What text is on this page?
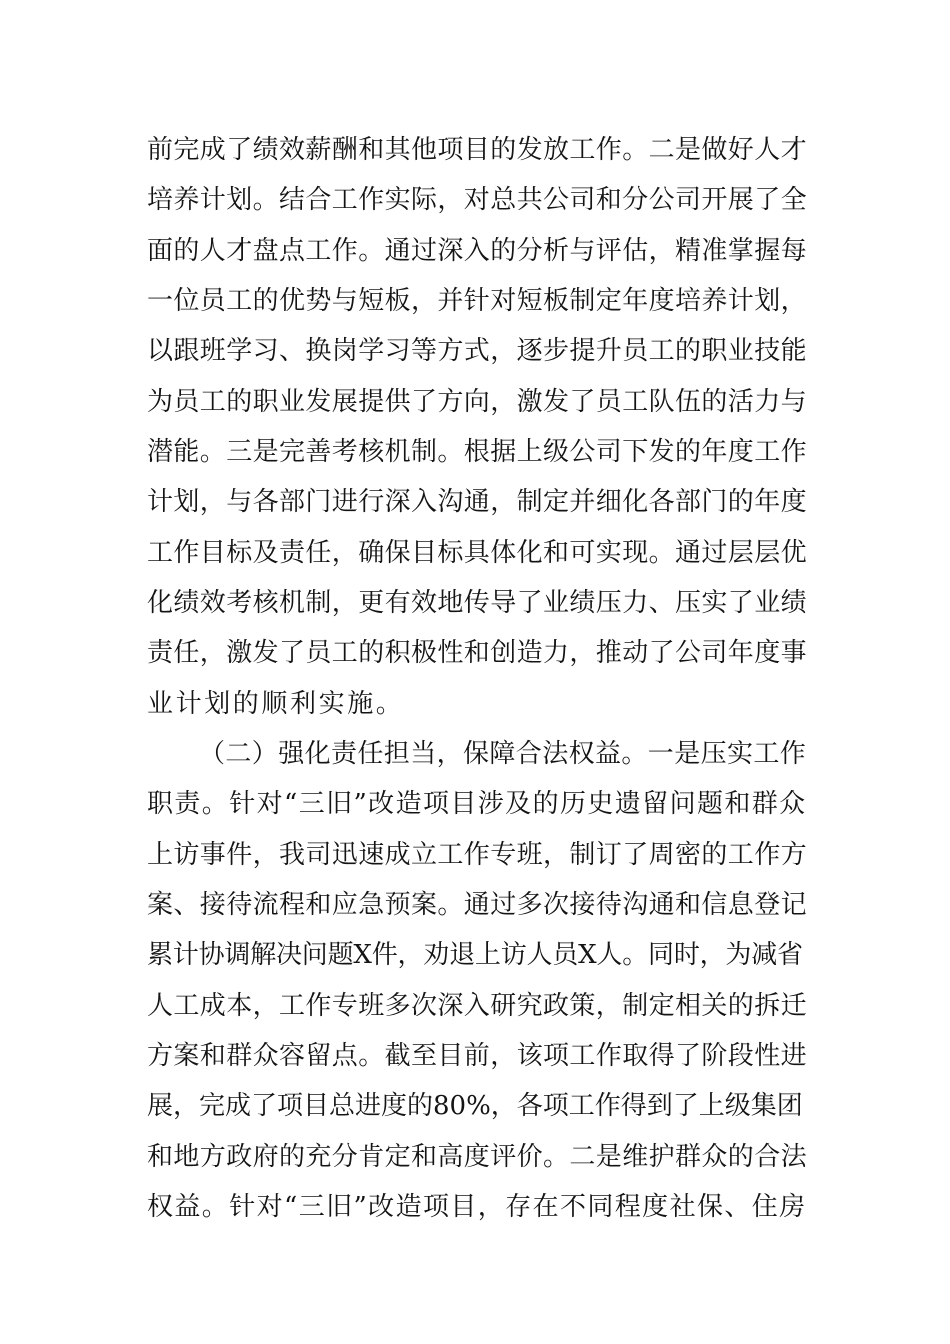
前完成了绩效薪酬和其他项目的发放工作。二是做好人才
培养计划。结合工作实际，对总共公司和分公司开展了全
面的人才盘点工作。通过深入的分析与评估，精准掌握每
一位员工的优势与短板，并针对短板制定年度培养计划，
以跟班学习、换岗学习等方式，逐步提升员工的职业技能
为员工的职业发展提供了方向，激发了员工队伍的活力与
潜能。三是完善考核机制。根据上级公司下发的年度工作
计划，与各部门进行深入沟通，制定并细化各部门的年度
工作目标及责任，确保目标具体化和可实现。通过层层优
化绩效考核机制，更有效地传导了业绩压力、压实了业绩
责任，激发了员工的积极性和创造力，推动了公司年度事
业计划的顺利实施。
（二）强化责任担当，保障合法权益。一是压实工作
职责。针对“三旧”改造项目涉及的历史遗留问题和群众
上访事件，我司迅速成立工作专班，制订了周密的工作方
案、接待流程和应急预案。通过多次接待沟通和信息登记
累计协调解决问题X件，劝退上访人员X人。同时，为减省
人工成本，工作专班多次深入研究政策，制定相关的拆迁
方案和群众容留点。截至目前，该项工作取得了阶段性进
展，完成了项目总进度的80%，各项工作得到了上级集团
和地方政府的充分肯定和高度评价。二是维护群众的合法
权益。针对“三旧”改造项目，存在不同程度社保、住房
